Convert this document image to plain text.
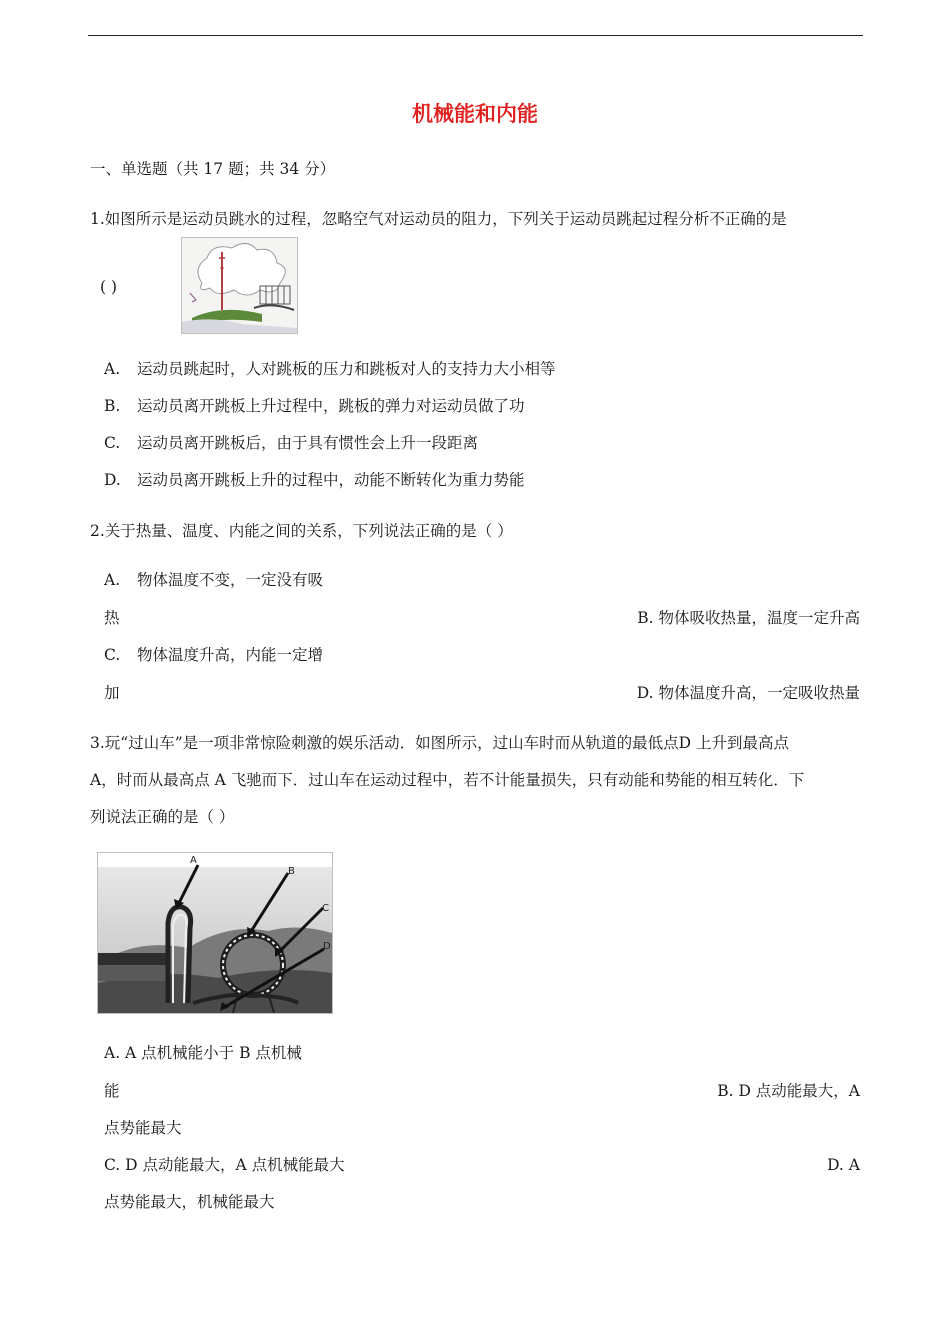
机械能和内能
一、单选题（共 17 题；共 34 分）
1.如图所示是运动员跳水的过程，忽略空气对运动员的阻力，下列关于运动员跳起过程分析不正确的是
( )
A. 运动员跳起时，人对跳板的压力和跳板对人的支持力大小相等
B. 运动员离开跳板上升过程中，跳板的弹力对运动员做了功
C. 运动员离开跳板后，由于具有惯性会上升一段距离
D. 运动员离开跳板上升的过程中，动能不断转化为重力势能
2.关于热量、温度、内能之间的关系，下列说法正确的是（ ）
A. 物体温度不变，一定没有吸
热	B. 物体吸收热量，温度一定升高
C. 物体温度升高，内能一定增
加	D. 物体温度升高，一定吸收热量
3.玩“过山车”是一项非常惊险刺激的娱乐活动．如图所示，过山车时而从轨道的最低点D 上升到最高点
A，时而从最高点 A 飞驰而下．过山车在运动过程中，若不计能量损失，只有动能和势能的相互转化．下
列说法正确的是（ ）
A
B
C
D
A. A 点机械能小于 B 点机械
能	B. D 点动能最大，A
点势能最大
C. D 点动能最大，A 点机械能最大	D. A
点势能最大，机械能最大
